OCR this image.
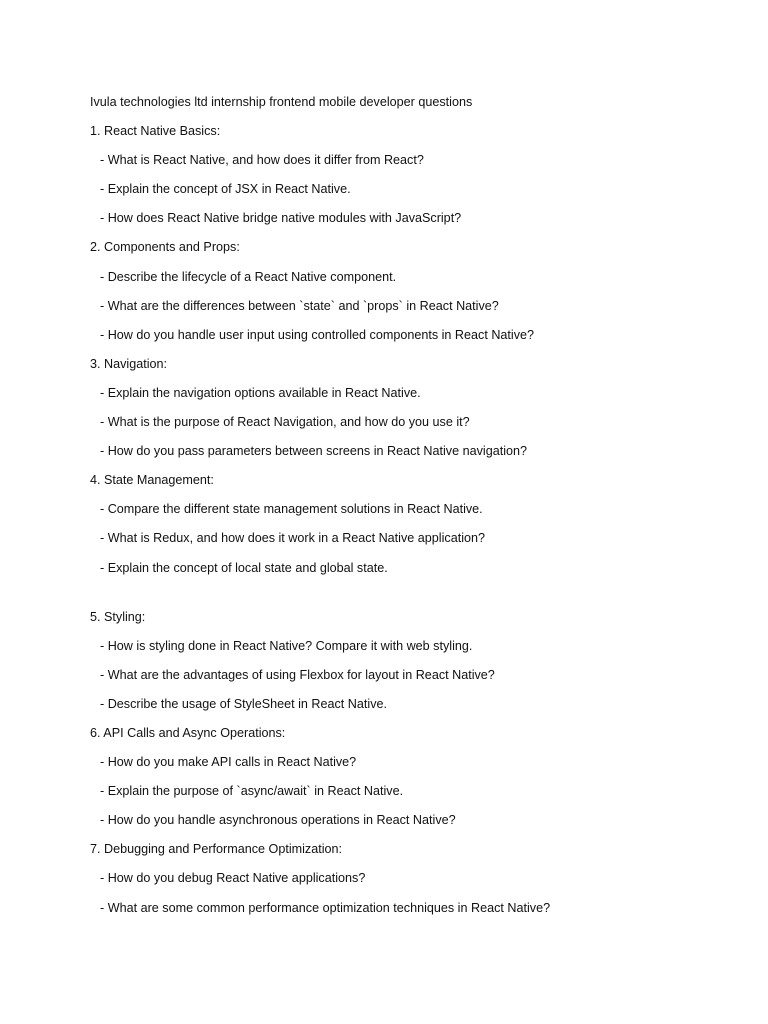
Ivula technologies ltd internship frontend mobile developer questions
1. React Native Basics:
- What is React Native, and how does it differ from React?
- Explain the concept of JSX in React Native.
- How does React Native bridge native modules with JavaScript?
2. Components and Props:
- Describe the lifecycle of a React Native component.
- What are the differences between `state` and `props` in React Native?
- How do you handle user input using controlled components in React Native?
3. Navigation:
- Explain the navigation options available in React Native.
- What is the purpose of React Navigation, and how do you use it?
- How do you pass parameters between screens in React Native navigation?
4. State Management:
- Compare the different state management solutions in React Native.
- What is Redux, and how does it work in a React Native application?
- Explain the concept of local state and global state.
5. Styling:
- How is styling done in React Native? Compare it with web styling.
- What are the advantages of using Flexbox for layout in React Native?
- Describe the usage of StyleSheet in React Native.
6. API Calls and Async Operations:
- How do you make API calls in React Native?
- Explain the purpose of `async/await` in React Native.
- How do you handle asynchronous operations in React Native?
7. Debugging and Performance Optimization:
- How do you debug React Native applications?
- What are some common performance optimization techniques in React Native?
